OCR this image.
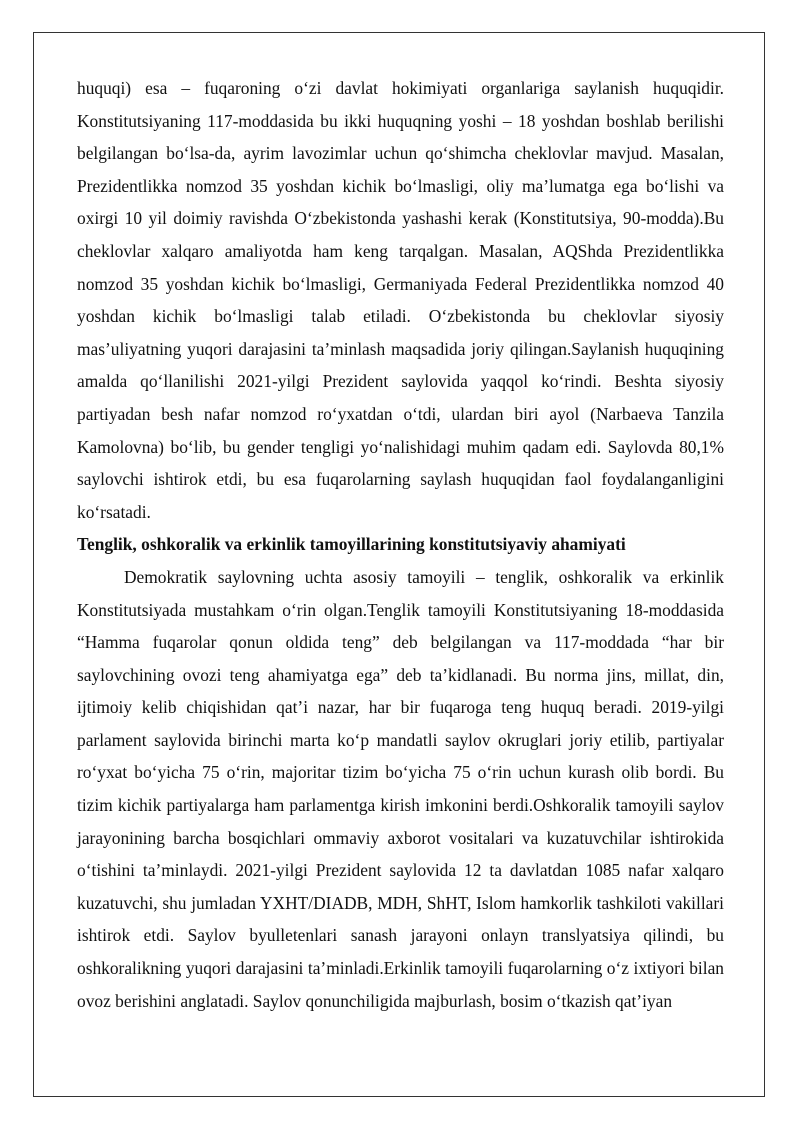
huquqi) esa – fuqaroning o‘zi davlat hokimiyati organlariga saylanish huquqidir. Konstitutsiyaning 117-moddasida bu ikki huquqning yoshi – 18 yoshdan boshlab berilishi belgilangan bo‘lsa-da, ayrim lavozimlar uchun qo‘shimcha cheklovlar mavjud. Masalan, Prezidentlikka nomzod 35 yoshdan kichik bo‘lmasligi, oliy ma’lumatga ega bo‘lishi va oxirgi 10 yil doimiy ravishda O‘zbekistonda yashashi kerak (Konstitutsiya, 90-modda).Bu cheklovlar xalqaro amaliyotda ham keng tarqalgan. Masalan, AQShda Prezidentlikka nomzod 35 yoshdan kichik bo‘lmasligi, Germaniyada Federal Prezidentlikka nomzod 40 yoshdan kichik bo‘lmasligi talab etiladi. O‘zbekistonda bu cheklovlar siyosiy mas’uliyatning yuqori darajasini ta’minlash maqsadida joriy qilingan.Saylanish huquqining amalda qo‘llanilishi 2021-yilgi Prezident saylovida yaqqol ko‘rindi. Beshta siyosiy partiyadan besh nafar nomzod ro‘yxatdan o‘tdi, ulardan biri ayol (Narbaeva Tanzila Kamolovna) bo‘lib, bu gender tengligi yo‘nalishidagi muhim qadam edi. Saylovda 80,1% saylovchi ishtirok etdi, bu esa fuqarolarning saylash huquqidan faol foydalanganligini ko‘rsatadi.

Tenglik, oshkoralik va erkinlik tamoyillarining konstitutsiyaviy ahamiyati

Demokratik saylovning uchta asosiy tamoyili – tenglik, oshkoralik va erkinlik Konstitutsiyada mustahkam o‘rin olgan.Tenglik tamoyili Konstitutsiyaning 18-moddasida “Hamma fuqarolar qonun oldida teng” deb belgilangan va 117-moddada “har bir saylovchining ovozi teng ahamiyatga ega” deb ta’kidlanadi. Bu norma jins, millat, din, ijtimoiy kelib chiqishidan qat’i nazar, har bir fuqaroga teng huquq beradi. 2019-yilgi parlament saylovida birinchi marta ko‘p mandatli saylov okruglari joriy etilib, partiyalar ro‘yxat bo‘yicha 75 o‘rin, majoritar tizim bo‘yicha 75 o‘rin uchun kurash olib bordi. Bu tizim kichik partiyalarga ham parlamentga kirish imkonini berdi.Oshkoralik tamoyili saylov jarayonining barcha bosqichlari ommaviy axborot vositalari va kuzatuvchilar ishtirokida o‘tishini ta’minlaydi. 2021-yilgi Prezident saylovida 12 ta davlatdan 1085 nafar xalqaro kuzatuvchi, shu jumladan YXHT/DIADB, MDH, ShHT, Islom hamkorlik tashkiloti vakillari ishtirok etdi. Saylov byulletenlari sanash jarayoni onlayn translyatsiya qilindi, bu oshkoralikning yuqori darajasini ta’minladi.Erkinlik tamoyili fuqarolarning o‘z ixtiyori bilan ovoz berishini anglatadi. Saylov qonunchiligida majburlash, bosim o‘tkazish qat’iyan
